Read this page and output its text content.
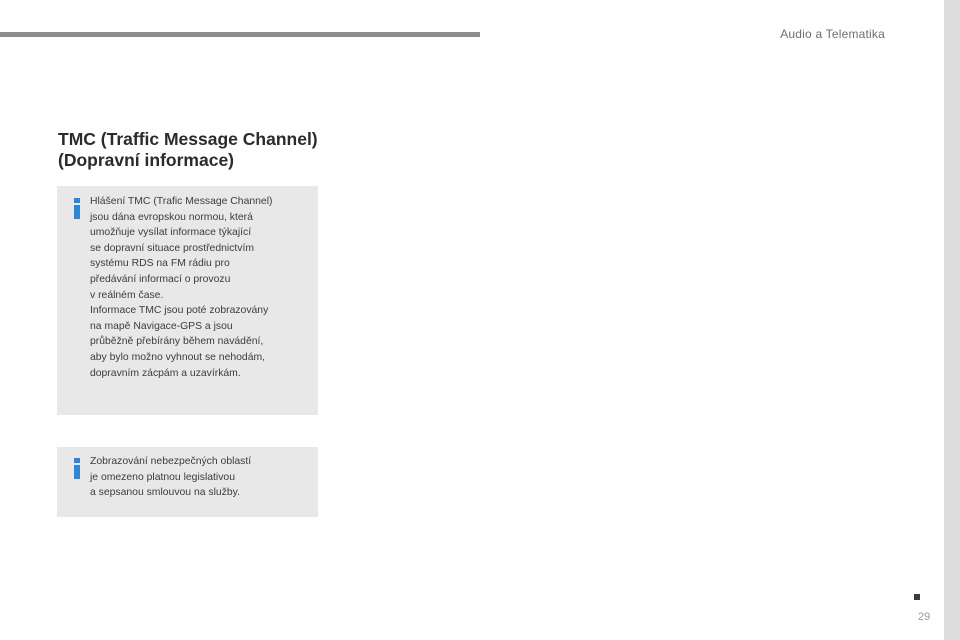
Audio a Telematika
TMC (Traffic Message Channel) (Dopravní informace)

Hlášení TMC (Trafic Message Channel)
jsou dána evropskou normou, která
umožňuje vysílat informace týkající
se dopravní situace prostřednictvím
systému RDS na FM rádiu pro
předávání informací o provozu
v reálném čase.
Informace TMC jsou poté zobrazovány
na mapě Navigace-GPS a jsou
průběžně přebírány během navádění,
aby bylo možno vyhnout se nehodám,
dopravním zácpám a uzavírkám.

Zobrazování nebezpečných oblastí
je omezeno platnou legislativou
a sepsanou smlouvou na služby.

29
